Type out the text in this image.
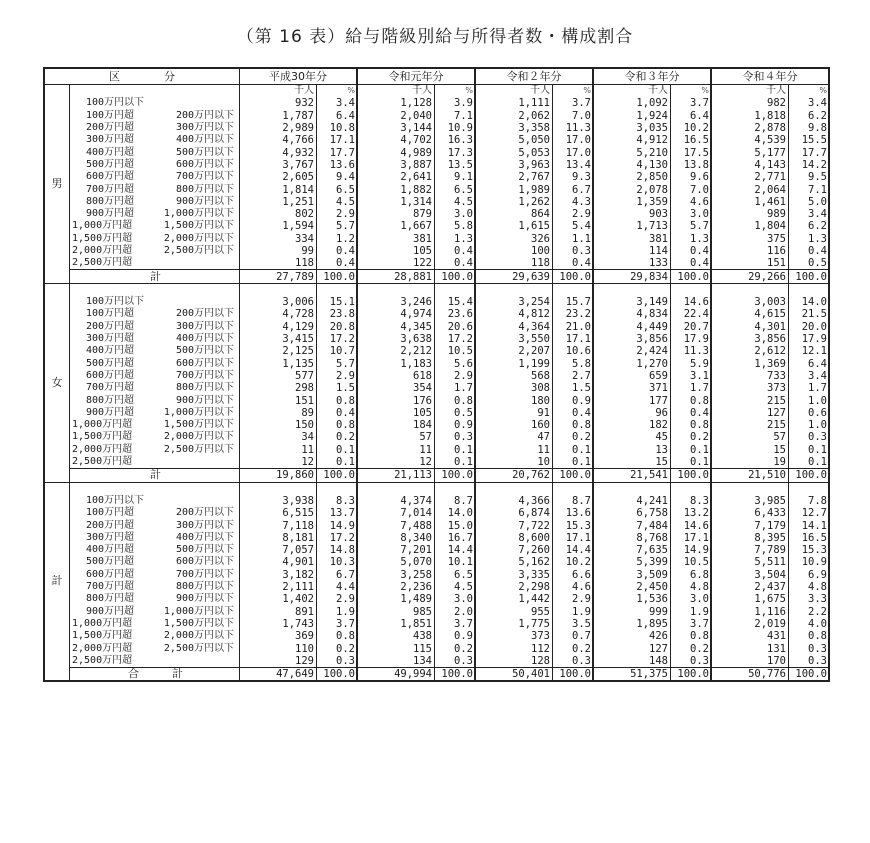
（第 16 表）給与階級別給与所得者数・構成割合
区　　　　分		平成30年分		令和元年分		令和２年分		令和３年分		令和４年分	
男		千人	%	千人	%	千人	%	千人	%	千人	%
	100万円以下	932	3.4	1,128	3.9	1,111	3.7	1,092	3.7	982	3.4
	100万円超 200万円以下	1,787	6.4	2,040	7.1	2,062	7.0	1,924	6.4	1,818	6.2
	200万円超 300万円以下	2,989	10.8	3,144	10.9	3,358	11.3	3,035	10.2	2,878	9.8
	300万円超 400万円以下	4,766	17.1	4,702	16.3	5,050	17.0	4,912	16.5	4,539	15.5
	400万円超 500万円以下	4,932	17.7	4,989	17.3	5,053	17.0	5,210	17.5	5,177	17.7
	500万円超 600万円以下	3,767	13.6	3,887	13.5	3,963	13.4	4,130	13.8	4,143	14.2
	600万円超 700万円以下	2,605	9.4	2,641	9.1	2,767	9.3	2,850	9.6	2,771	9.5
	700万円超 800万円以下	1,814	6.5	1,882	6.5	1,989	6.7	2,078	7.0	2,064	7.1
	800万円超 900万円以下	1,251	4.5	1,314	4.5	1,262	4.3	1,359	4.6	1,461	5.0
	900万円超 1,000万円以下	802	2.9	879	3.0	864	2.9	903	3.0	989	3.4
	1,000万円超 1,500万円以下	1,594	5.7	1,667	5.8	1,615	5.4	1,713	5.7	1,804	6.2
	1,500万円超 2,000万円以下	334	1.2	381	1.3	326	1.1	381	1.3	375	1.3
	2,000万円超 2,500万円以下	99	0.4	105	0.4	100	0.3	114	0.4	116	0.4
	2,500万円超	118	0.4	122	0.4	118	0.4	133	0.4	151	0.5
	計	27,789	100.0	28,881	100.0	29,639	100.0	29,834	100.0	29,266	100.0
女											
	100万円以下	3,006	15.1	3,246	15.4	3,254	15.7	3,149	14.6	3,003	14.0
	100万円超 200万円以下	4,728	23.8	4,974	23.6	4,812	23.2	4,834	22.4	4,615	21.5
	200万円超 300万円以下	4,129	20.8	4,345	20.6	4,364	21.0	4,449	20.7	4,301	20.0
	300万円超 400万円以下	3,415	17.2	3,638	17.2	3,550	17.1	3,856	17.9	3,856	17.9
	400万円超 500万円以下	2,125	10.7	2,212	10.5	2,207	10.6	2,424	11.3	2,612	12.1
	500万円超 600万円以下	1,135	5.7	1,183	5.6	1,199	5.8	1,270	5.9	1,369	6.4
	600万円超 700万円以下	577	2.9	618	2.9	568	2.7	659	3.1	733	3.4
	700万円超 800万円以下	298	1.5	354	1.7	308	1.5	371	1.7	373	1.7
	800万円超 900万円以下	151	0.8	176	0.8	180	0.9	177	0.8	215	1.0
	900万円超 1,000万円以下	89	0.4	105	0.5	91	0.4	96	0.4	127	0.6
	1,000万円超 1,500万円以下	150	0.8	184	0.9	160	0.8	182	0.8	215	1.0
	1,500万円超 2,000万円以下	34	0.2	57	0.3	47	0.2	45	0.2	57	0.3
	2,000万円超 2,500万円以下	11	0.1	11	0.1	11	0.1	13	0.1	15	0.1
	2,500万円超	12	0.1	12	0.1	10	0.1	15	0.1	19	0.1
	計	19,860	100.0	21,113	100.0	20,762	100.0	21,541	100.0	21,510	100.0
計											
	100万円以下	3,938	8.3	4,374	8.7	4,366	8.7	4,241	8.3	3,985	7.8
	100万円超 200万円以下	6,515	13.7	7,014	14.0	6,874	13.6	6,758	13.2	6,433	12.7
	200万円超 300万円以下	7,118	14.9	7,488	15.0	7,722	15.3	7,484	14.6	7,179	14.1
	300万円超 400万円以下	8,181	17.2	8,340	16.7	8,600	17.1	8,768	17.1	8,395	16.5
	400万円超 500万円以下	7,057	14.8	7,201	14.4	7,260	14.4	7,635	14.9	7,789	15.3
	500万円超 600万円以下	4,901	10.3	5,070	10.1	5,162	10.2	5,399	10.5	5,511	10.9
	600万円超 700万円以下	3,182	6.7	3,258	6.5	3,335	6.6	3,509	6.8	3,504	6.9
	700万円超 800万円以下	2,111	4.4	2,236	4.5	2,298	4.6	2,450	4.8	2,437	4.8
	800万円超 900万円以下	1,402	2.9	1,489	3.0	1,442	2.9	1,536	3.0	1,675	3.3
	900万円超 1,000万円以下	891	1.9	985	2.0	955	1.9	999	1.9	1,116	2.2
	1,000万円超 1,500万円以下	1,743	3.7	1,851	3.7	1,775	3.5	1,895	3.7	2,019	4.0
	1,500万円超 2,000万円以下	369	0.8	438	0.9	373	0.7	426	0.8	431	0.8
	2,000万円超 2,500万円以下	110	0.2	115	0.2	112	0.2	127	0.2	131	0.3
	2,500万円超	129	0.3	134	0.3	128	0.3	148	0.3	170	0.3
	合　　　計	47,649	100.0	49,994	100.0	50,401	100.0	51,375	100.0	50,776	100.0
